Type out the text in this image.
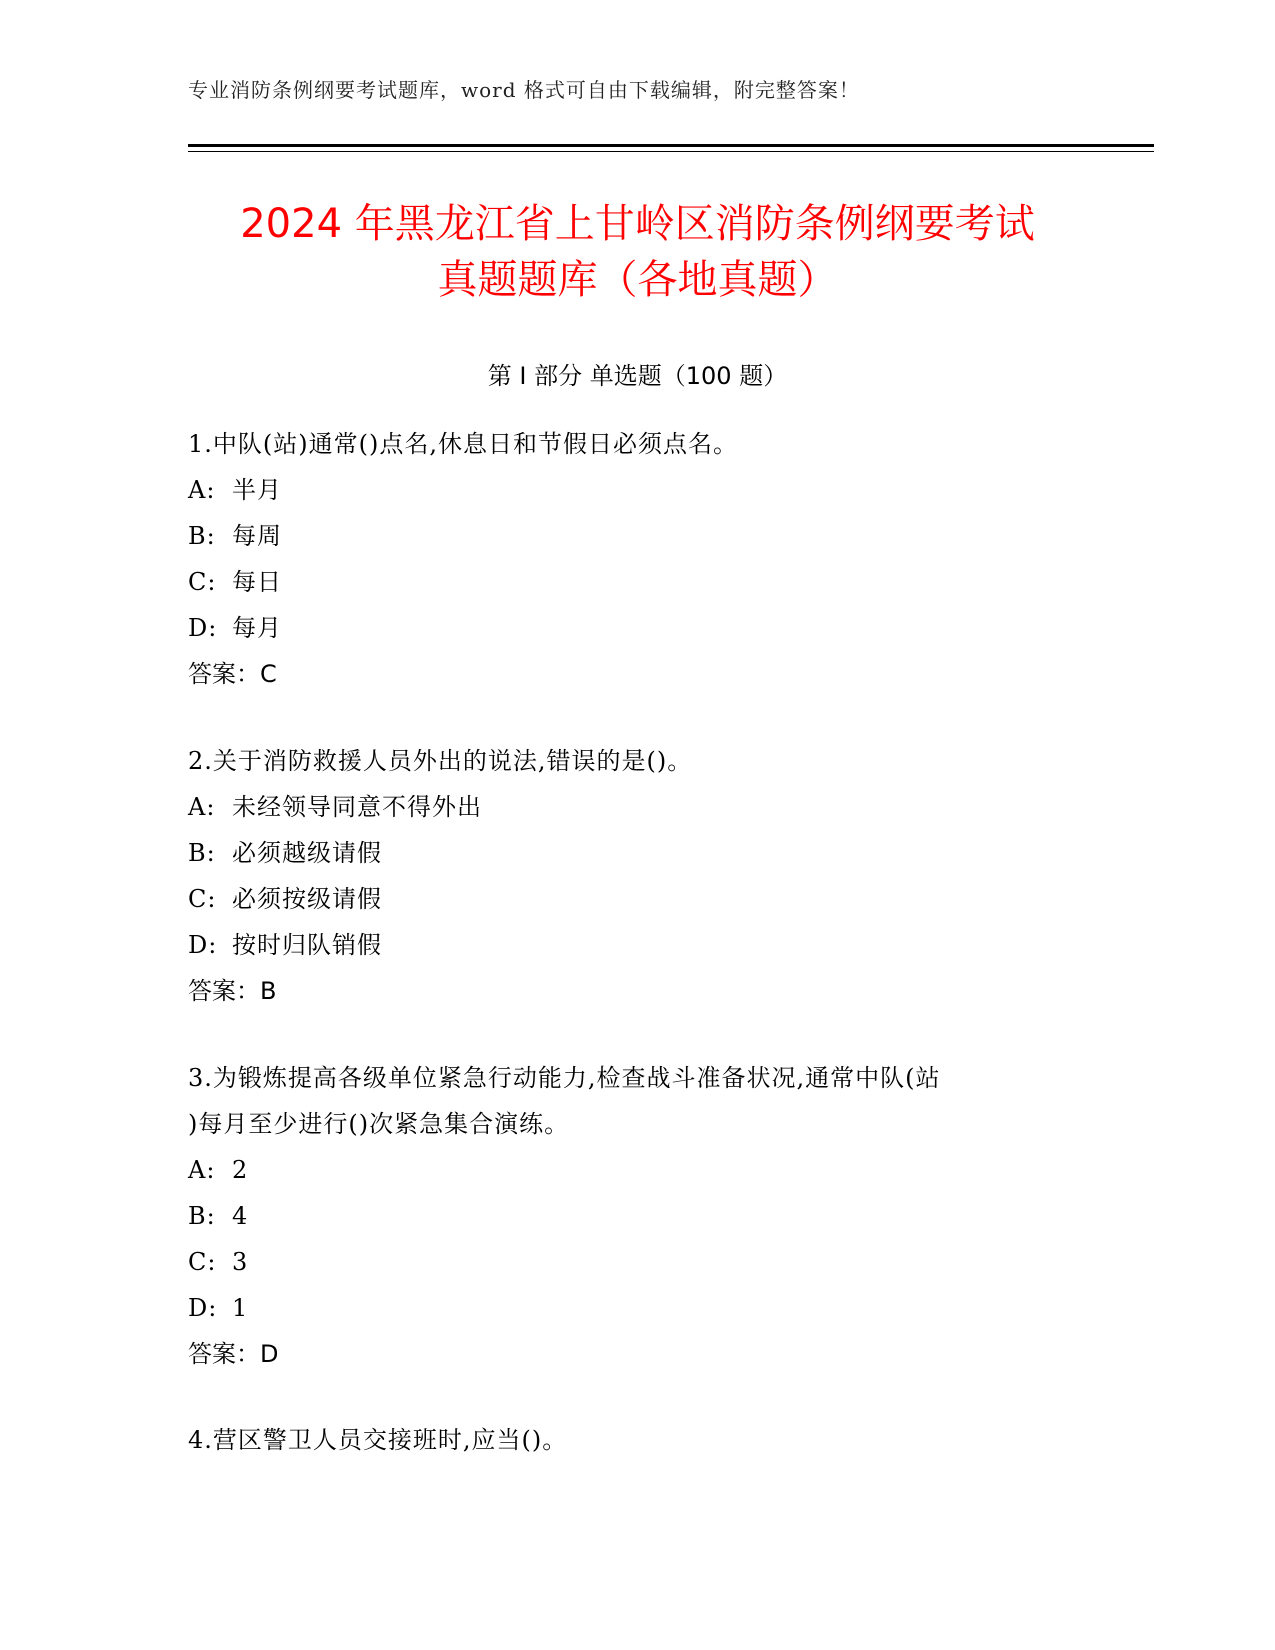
专业消防条例纲要考试题库，word 格式可自由下载编辑，附完整答案！
2024 年黑龙江省上甘岭区消防条例纲要考试
真题题库（各地真题）
第 I 部分 单选题（100 题）
1.中队(站)通常()点名,休息日和节假日必须点名。
A: 半月
B: 每周
C: 每日
D: 每月
答案：C
2.关于消防救援人员外出的说法,错误的是()。
A: 未经领导同意不得外出
B: 必须越级请假
C: 必须按级请假
D: 按时归队销假
答案：B
3.为锻炼提高各级单位紧急行动能力,检查战斗准备状况,通常中队(站
)每月至少进行()次紧急集合演练。
A: 2
B: 4
C: 3
D: 1
答案：D
4.营区警卫人员交接班时,应当()。
